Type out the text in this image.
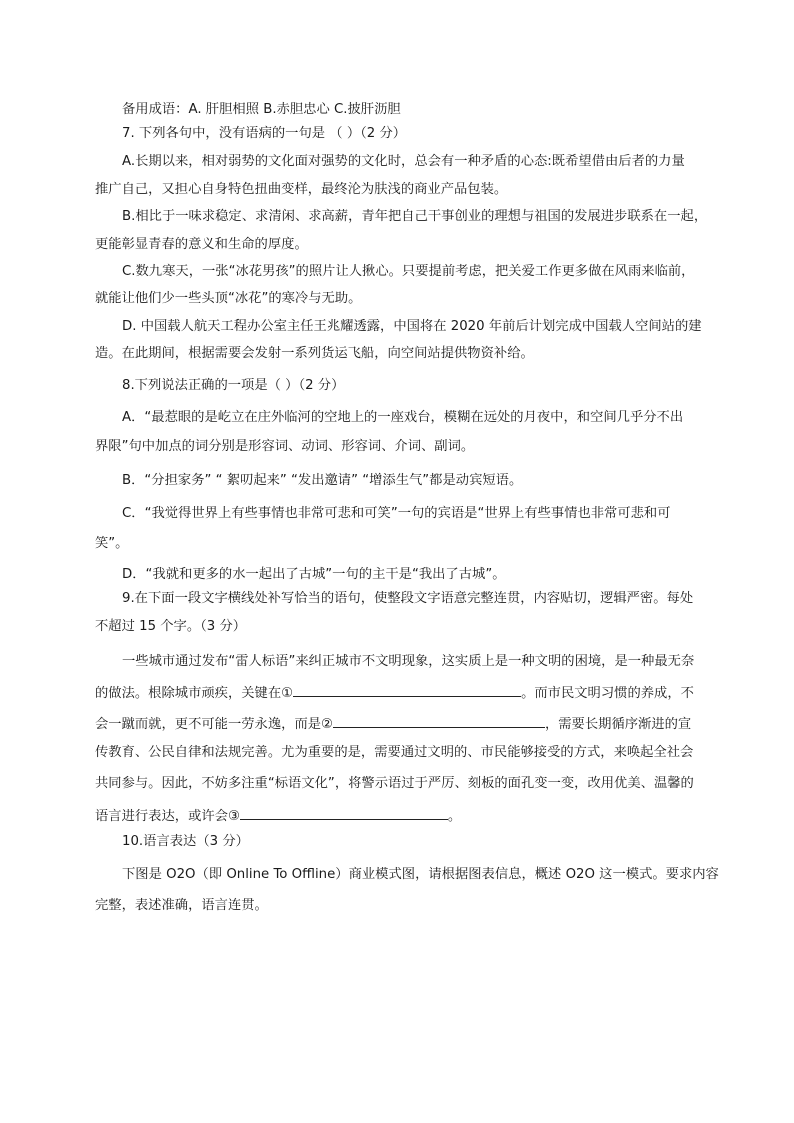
备用成语：A. 肝胆相照 B.赤胆忠心 C.披肝沥胆
7. 下列各句中，没有语病的一句是 （ ）（2 分）
A.长期以来，相对弱势的文化面对强势的文化时，总会有一种矛盾的心态:既希望借由后者的力量
推广自己，又担心自身特色扭曲变样，最终沦为肤浅的商业产品包装。
B.相比于一味求稳定、求清闲、求高薪，青年把自己干事创业的理想与祖国的发展进步联系在一起，
更能彰显青春的意义和生命的厚度。
C.数九寒天，一张“冰花男孩”的照片让人揪心。只要提前考虑，把关爱工作更多做在风雨来临前，
就能让他们少一些头顶“冰花”的寒冷与无助。
D. 中国载人航天工程办公室主任王兆耀透露，中国将在 2020 年前后计划完成中国载人空间站的建
造。在此期间，根据需要会发射一系列货运飞船，向空间站提供物资补给。
8.下列说法正确的一项是（ ）（2 分）
A．“最惹眼的是屹立在庄外临河的空地上的一座戏台，模糊在远处的月夜中，和空间几乎分不出
界限”句中加点的词分别是形容词、动词、形容词、介词、副词。
B．“分担家务” “ 絮叨起来” “发出邀请” “增添生气”都是动宾短语。
C．“我觉得世界上有些事情也非常可悲和可笑”一句的宾语是“世界上有些事情也非常可悲和可
笑”。
D．“我就和更多的水一起出了古城”一句的主干是“我出了古城”。
9.在下面一段文字横线处补写恰当的语句，使整段文字语意完整连贯，内容贴切，逻辑严密。每处
不超过 15 个字。（3 分）
一些城市通过发布“雷人标语”来纠正城市不文明现象，这实质上是一种文明的困境，是一种最无奈
的做法。根除城市顽疾，关键在①	。而市民文明习惯的养成，不
会一蹴而就，更不可能一劳永逸，而是②	，需要长期循序渐进的宣
传教育、公民自律和法规完善。尤为重要的是，需要通过文明的、市民能够接受的方式，来唤起全社会
共同参与。因此，不妨多注重“标语文化”，将警示语过于严厉、刻板的面孔变一变，改用优美、温馨的
语言进行表达，或许会③	。
10.语言表达（3 分）
下图是 O2O（即 Online To Offline）商业模式图，请根据图表信息，概述 O2O 这一模式。要求内容
完整，表述准确，语言连贯。
